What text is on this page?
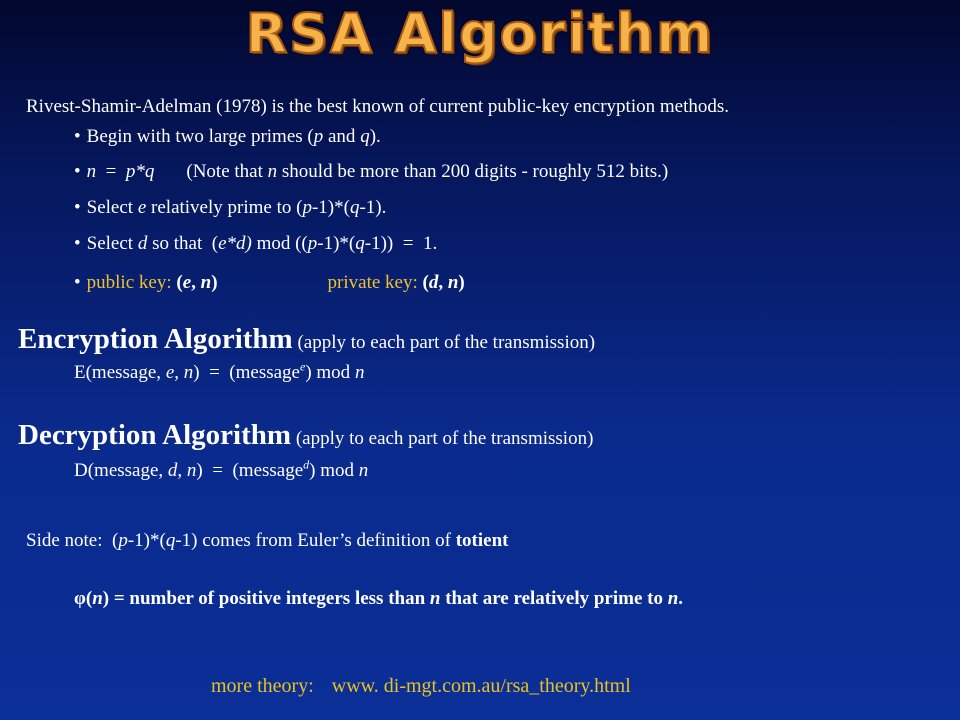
RSA Algorithm
Rivest-Shamir-Adelman (1978) is the best known of current public-key encryption methods.
• Begin with two large primes (p and q).
• n  =  p*q (Note that n should be more than 200 digits - roughly 512 bits.)
• Select e relatively prime to (p-1)*(q-1).
• Select d so that  (e*d) mod ((p-1)*(q-1))  =  1.
• public key: (e, n)	private key: (d, n)
Encryption Algorithm (apply to each part of the transmission)
E(message, e, n)  =  (message$^e$) mod n
Decryption Algorithm (apply to each part of the transmission)
D(message, d, n)  =  (message$^d$) mod n
Side note:  (p-1)*(q-1) comes from Euler’s definition of totient
φ(n) = number of positive integers less than n that are relatively prime to n.
more theory: www. di-mgt.com.au/rsa_theory.html
